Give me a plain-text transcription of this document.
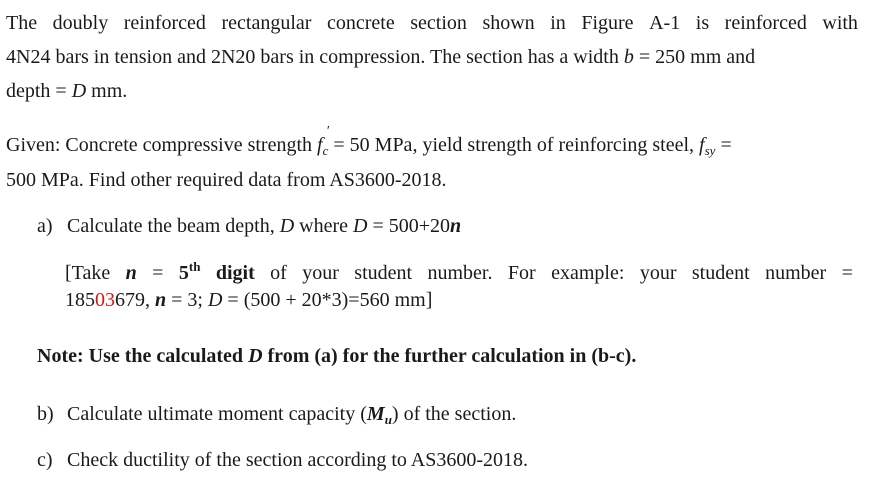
The doubly reinforced rectangular concrete section shown in Figure A-1 is reinforced with
4N24 bars in tension and 2N20 bars in compression. The section has a width b = 250 mm and
depth = D mm.
Given: Concrete compressive strength f
′
$_c$ = 50 MPa, yield strength of reinforcing steel, $f_{sy}$ =
500 MPa. Find other required data from AS3600-2018.
a) Calculate the beam depth, D where D = 500+20n
[Take n = 5th digit of your student number. For example: your student number =
18503679, n = 3; D = (500 + 20*3)=560 mm]
Note: Use the calculated D from (a) for the further calculation in (b-c).
b) Calculate ultimate moment capacity $(M_u)$ of the section.
c) Check ductility of the section according to AS3600-2018.
